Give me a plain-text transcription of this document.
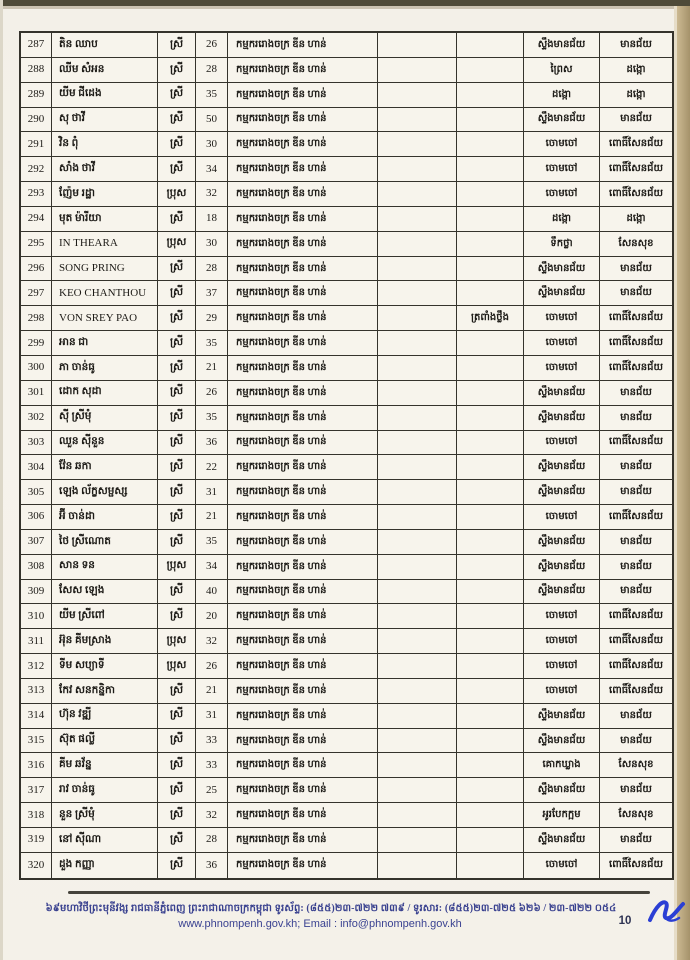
287	តិន ឈាប	ស្រី	26	កម្មកររោងចក្រ ឌីន ហាន់	ស្ទឹងមានជ័យ	មានជ័យ
288	ឈីម សំអន	ស្រី	28	កម្មកររោងចក្រ ឌីន ហាន់	ព្រៃស	ដង្កោ
289	យីម ជីដេង	ស្រី	35	កម្មកររោងចក្រ ឌីន ហាន់	ដង្កោ	ដង្កោ
290	សុ ថាវី	ស្រី	50	កម្មកររោងចក្រ ឌីន ហាន់	ស្ទឹងមានជ័យ	មានជ័យ
291	វិន ពុំ	ស្រី	30	កម្មកររោងចក្រ ឌីន ហាន់	ចោមចៅ	ពោធិ៍សែនជ័យ
292	សាំង ថាវី	ស្រី	34	កម្មកររោងចក្រ ឌីន ហាន់	ចោមចៅ	ពោធិ៍សែនជ័យ
293	ញ៉ែម រដ្ឋា	ប្រុស	32	កម្មកររោងចក្រ ឌីន ហាន់	ចោមចៅ	ពោធិ៍សែនជ័យ
294	មុត ម៉ារីយា	ស្រី	18	កម្មកររោងចក្រ ឌីន ហាន់	ដង្កោ	ដង្កោ
295	IN THEARA	ប្រុស	30	កម្មកររោងចក្រ ឌីន ហាន់	ទឹកថ្លា	សែនសុខ
296	SONG PRING	ស្រី	28	កម្មកររោងចក្រ ឌីន ហាន់	ស្ទឹងមានជ័យ	មានជ័យ
297	KEO CHANTHOU	ស្រី	37	កម្មកររោងចក្រ ឌីន ហាន់	ស្ទឹងមានជ័យ	មានជ័យ
298	VON SREY PAO	ស្រី	29	កម្មកររោងចក្រ ឌីន ហាន់	ត្រពាំងថ្លឹង	ចោមចៅ	ពោធិ៍សែនជ័យ
299	អាន ជា	ស្រី	35	កម្មកររោងចក្រ ឌីន ហាន់	ចោមចៅ	ពោធិ៍សែនជ័យ
300	ភា ចាន់ធូ	ស្រី	21	កម្មកររោងចក្រ ឌីន ហាន់	ចោមចៅ	ពោធិ៍សែនជ័យ
301	ដោក សុដា	ស្រី	26	កម្មកររោងចក្រ ឌីន ហាន់	ស្ទឹងមានជ័យ	មានជ័យ
302	ស៊ី ស្រីមុំ	ស្រី	35	កម្មកររោងចក្រ ឌីន ហាន់	ស្ទឹងមានជ័យ	មានជ័យ
303	ឈួន ស៊ីនួន	ស្រី	36	កម្មកររោងចក្រ ឌីន ហាន់	ចោមចៅ	ពោធិ៍សែនជ័យ
304	វ៉ែន ឆកា	ស្រី	22	កម្មកររោងចក្រ ឌីន ហាន់	ស្ទឹងមានជ័យ	មានជ័យ
305	ឡេង ល័ក្ខសម្ផស្ស	ស្រី	31	កម្មកររោងចក្រ ឌីន ហាន់	ស្ទឹងមានជ័យ	មានជ័យ
306	អ៊ី ចាន់ដា	ស្រី	21	កម្មកររោងចក្រ ឌីន ហាន់	ចោមចៅ	ពោធិ៍សែនជ័យ
307	ថៃ ស្រីណោត	ស្រី	35	កម្មកររោងចក្រ ឌីន ហាន់	ស្ទឹងមានជ័យ	មានជ័យ
308	សាន ទន	ប្រុស	34	កម្មកររោងចក្រ ឌីន ហាន់	ស្ទឹងមានជ័យ	មានជ័យ
309	សែស ឡេង	ស្រី	40	កម្មកររោងចក្រ ឌីន ហាន់	ស្ទឹងមានជ័យ	មានជ័យ
310	យីម ស្រីពៅ	ស្រី	20	កម្មកររោងចក្រ ឌីន ហាន់	ចោមចៅ	ពោធិ៍សែនជ័យ
311	អ៊ុន គីមស្រាង	ប្រុស	32	កម្មកររោងចក្រ ឌីន ហាន់	ចោមចៅ	ពោធិ៍សែនជ័យ
312	ទីម សប្យាទី	ប្រុស	26	កម្មកររោងចក្រ ឌីន ហាន់	ចោមចៅ	ពោធិ៍សែនជ័យ
313	កែវ សនកន្និកា	ស្រី	21	កម្មកររោងចក្រ ឌីន ហាន់	ចោមចៅ	ពោធិ៍សែនជ័យ
314	ហ៊ុន វឌ្ឍី	ស្រី	31	កម្មកររោងចក្រ ឌីន ហាន់	ស្ទឹងមានជ័យ	មានជ័យ
315	ស៊ុត ផល្លី	ស្រី	33	កម្មកររោងចក្រ ឌីន ហាន់	ស្ទឹងមានជ័យ	មានជ័យ
316	គីម ឆវ័ន្ន	ស្រី	33	កម្មកររោងចក្រ ឌីន ហាន់	គោកឃ្លាង	សែនសុខ
317	រាវ ចាន់ធូ	ស្រី	25	កម្មកររោងចក្រ ឌីន ហាន់	ស្ទឹងមានជ័យ	មានជ័យ
318	នួន ស្រីមុំ	ស្រី	32	កម្មកររោងចក្រ ឌីន ហាន់	អូរបែកក្អម	សែនសុខ
319	នៅ ស៊ីណា	ស្រី	28	កម្មកររោងចក្រ ឌីន ហាន់	ស្ទឹងមានជ័យ	មានជ័យ
320	ដួង កញ្ញា	ស្រី	36	កម្មកររោងចក្រ ឌីន ហាន់	ចោមចៅ	ពោធិ៍សែនជ័យ
៦៩មហាវិថីព្រះមុនីវង្ស រាជធានីភ្នំពេញ ព្រះរាជាណាចក្រកម្ពុជា ទូរស័ព្ទ: (៨៥៥)២៣-៧២២ ៧៣៩ / ទូរសារ: (៨៥៥)២៣-៧២៥ ៦២៦ / ២៣-៧២២ ០៥៤
www.phnompenh.gov.kh; Email : info@phnompenh.gov.kh	10
